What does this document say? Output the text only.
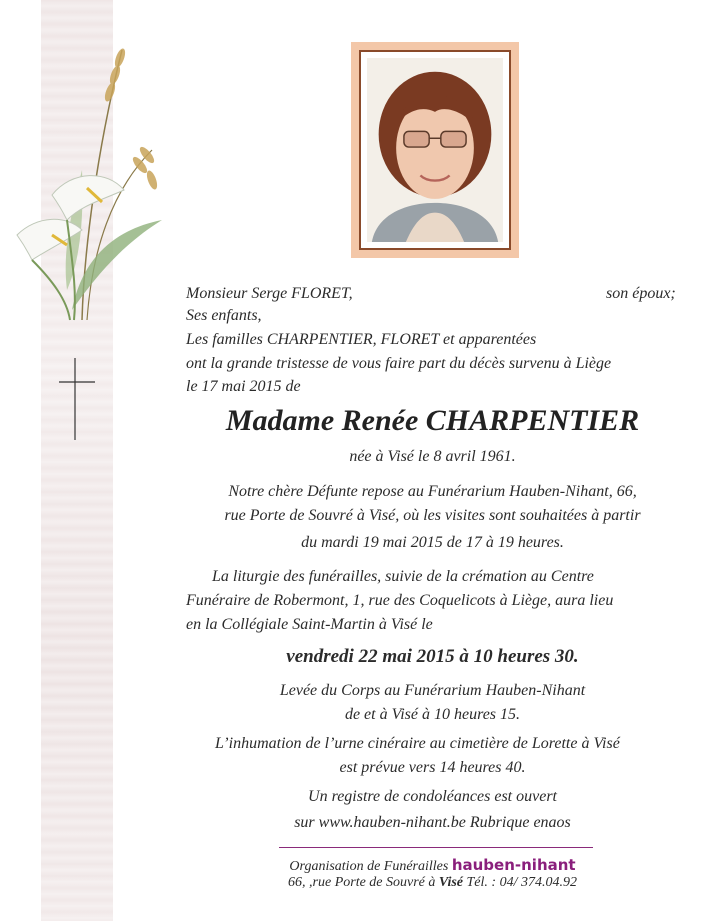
Monsieur Serge FLORET,	son époux;
Ses enfants,
Les familles CHARPENTIER, FLORET et apparentées
ont la grande tristesse de vous faire part du décès survenu à Liège
le 17 mai 2015 de
Madame Renée CHARPENTIER
née à Visé le 8 avril 1961.
Notre chère Défunte repose au Funérarium Hauben-Nihant, 66,
rue Porte de Souvré à Visé, où les visites sont souhaitées à partir
du mardi 19 mai 2015 de 17 à 19 heures.
La liturgie des funérailles, suivie de la crémation au Centre
Funéraire de Robermont, 1, rue des Coquelicots à Liège, aura lieu
en la Collégiale Saint-Martin à Visé le
vendredi 22 mai 2015 à 10 heures 30.
Levée du Corps au Funérarium Hauben-Nihant
de et à Visé à 10 heures 15.
L’inhumation de l’urne cinéraire au cimetière de Lorette à Visé
est prévue vers 14 heures 40.
Un registre de condoléances est ouvert
sur www.hauben-nihant.be Rubrique enaos
Organisation de Funérailles hauben-nihant
66, ,rue Porte de Souvré à Visé Tél. : 04/ 374.04.92
